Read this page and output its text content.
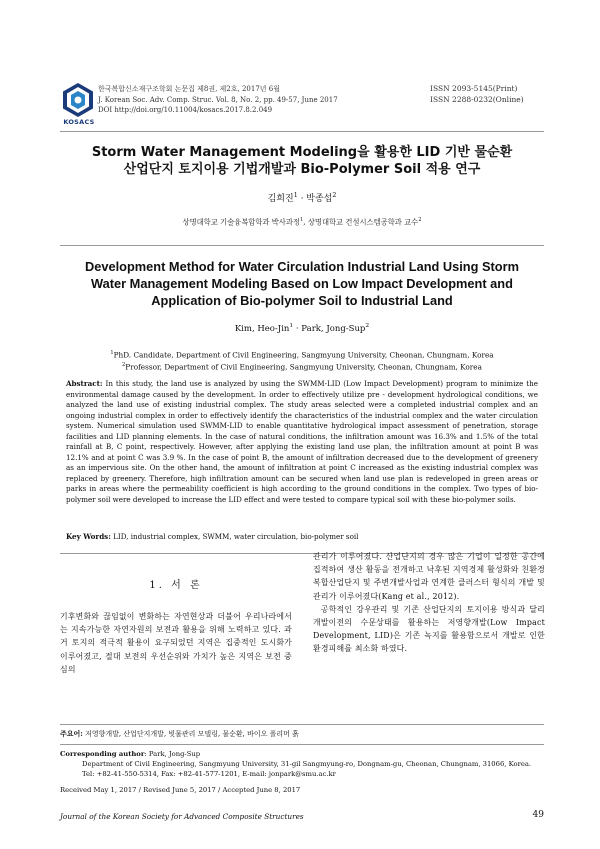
KOSACS
한국복합신소재구조학회 논문집 제8권, 제2호, 2017년 6월
J. Korean Soc. Adv. Comp. Struc. Vol. 8, No. 2, pp. 49-57, June 2017
DOI http://doi.org/10.11004/kosacs.2017.8.2.049
ISSN 2093-5145(Print)
ISSN 2288-0232(Online)
Storm Water Management Modeling을 활용한 LID 기반 물순환
산업단지 토지이용 기법개발과 Bio-Polymer Soil 적용 연구
김희진$^1$ · 박종섭$^2$
상명대학교 기술융복합학과 박사과정$^1$, 상명대학교 건설시스템공학과 교수$^2$
Development Method for Water Circulation Industrial Land Using Storm
Water Management Modeling Based on Low Impact Development and
Application of Bio-polymer Soil to Industrial Land
Kim, Heo-Jin$^1$ · Park, Jong-Sup$^2$
$^1$PhD. Candidate, Department of Civil Engineering, Sangmyung University, Cheonan, Chungnam, Korea
$^2$Professor, Department of Civil Engineering, Sangmyung University, Cheonan, Chungnam, Korea
Abstract: In this study, the land use is analyzed by using the SWMM-LID (Low Impact Development) program to minimize the environmental damage caused by the development. In order to effectively utilize pre - development hydrological conditions, we analyzed the land use of existing industrial complex. The study areas selected were a completed industrial complex and an ongoing industrial complex in order to effectively identify the characteristics of the industrial complex and the water circulation system. Numerical simulation used SWMM-LID to enable quantitative hydrological impact assessment of penetration, storage facilities and LID planning elements. In the case of natural conditions, the infiltration amount was 16.3% and 1.5% of the total rainfall at B, C point, respectively. However, after applying the existing land use plan, the infiltration amount at point B was 12.1% and at point C was 3.9 %. In the case of point B, the amount of infiltration decreased due to the development of greenery as an impervious site. On the other hand, the amount of infiltration at point C increased as the existing industrial complex was replaced by greenery. Therefore, high infiltration amount can be secured when land use plan is redeveloped in green areas or parks in areas where the permeability coefficient is high according to the ground conditions in the complex. Two types of bio-polymer soil were developed to increase the LID effect and were tested to compare typical soil with these bio-polymer soils.
Key Words: LID, industrial complex, SWMM, water circulation, bio-polymer soil
1. 서 론
기후변화와 끊임없이 변화하는 자연현상과 더불어 우리나라에서는 지속가능한 자연자원의 보전과 활용을 위해 노력하고 있다. 과거 토지의 적극적 활용이 요구되었던 지역은 집중적인 도시화가 이루어졌고, 절대 보전의 우선순위와 가치가 높은 지역은 보전 중심의

관리가 이루어졌다. 산업단지의 경우 많은 기업이 일정한 공간에 집적하여 생산 활동을 전개하고 낙후된 지역경제 활성화와 친환경 복합산업단지 및 주변개발사업과 연계한 클러스터 형식의 개발 및 관리가 이루어졌다(Kang et al., 2012).

공학적인 강우관리 및 기존 산업단지의 토지이용 방식과 달리 개발이전의 수문상태를 활용하는 저영향개발(Low Impact Development, LID)은 기존 녹지를 활용함으로서 개발로 인한 환경피해를 최소화 하였다.

주요어: 저영향개발, 산업단지개발, 빗물관리 모델링, 물순환, 바이오 폴리머 흙
Corresponding author: Park, Jong-Sup
Department of Civil Engineering, Sangmyung University, 31-gil Sangmyung-ro, Dongnam-gu, Cheonan, Chungnam, 31066, Korea.
Tel: +82-41-550-5314, Fax: +82-41-577-1201, E-mail: jonpark@smu.ac.kr
Received May 1, 2017 / Revised June 5, 2017 / Accepted June 8, 2017
Journal of the Korean Society for Advanced Composite Structures	49
